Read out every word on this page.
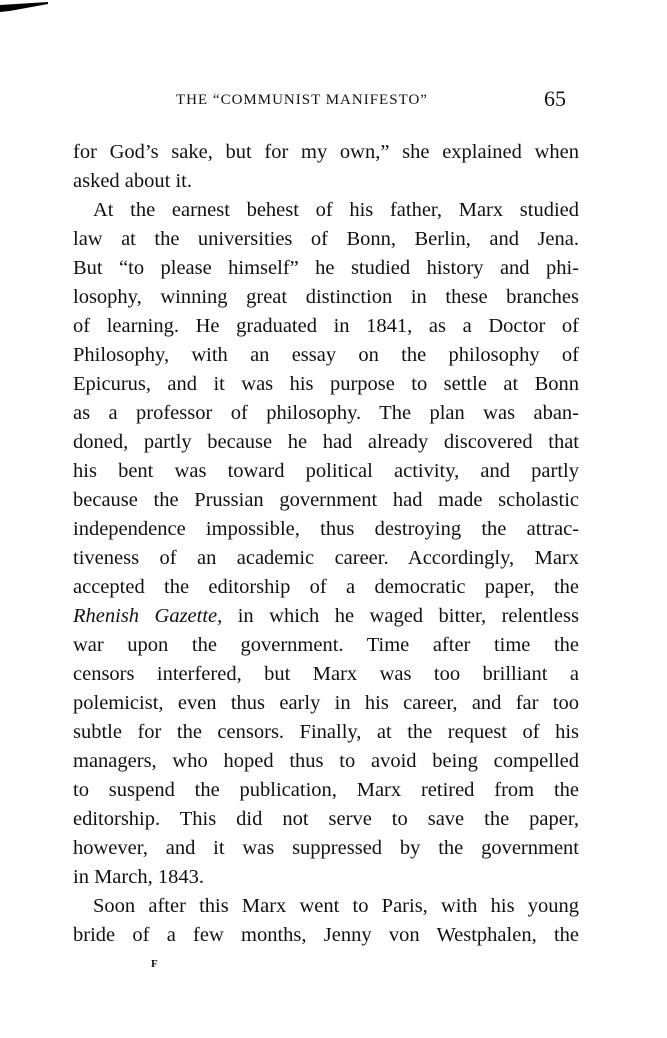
THE “COMMUNIST MANIFESTO”	65
for God’s sake, but for my own,” she explained when
asked about it.
At the earnest behest of his father, Marx studied
law at the universities of Bonn, Berlin, and Jena.
But “to please himself” he studied history and phi-
losophy, winning great distinction in these branches
of learning. He graduated in 1841, as a Doctor of
Philosophy, with an essay on the philosophy of
Epicurus, and it was his purpose to settle at Bonn
as a professor of philosophy. The plan was aban-
doned, partly because he had already discovered that
his bent was toward political activity, and partly
because the Prussian government had made scholastic
independence impossible, thus destroying the attrac-
tiveness of an academic career. Accordingly, Marx
accepted the editorship of a democratic paper, the
Rhenish Gazette, in which he waged bitter, relentless
war upon the government. Time after time the
censors interfered, but Marx was too brilliant a
polemicist, even thus early in his career, and far too
subtle for the censors. Finally, at the request of his
managers, who hoped thus to avoid being compelled
to suspend the publication, Marx retired from the
editorship. This did not serve to save the paper,
however, and it was suppressed by the government
in March, 1843.
Soon after this Marx went to Paris, with his young
bride of a few months, Jenny von Westphalen, the
F
